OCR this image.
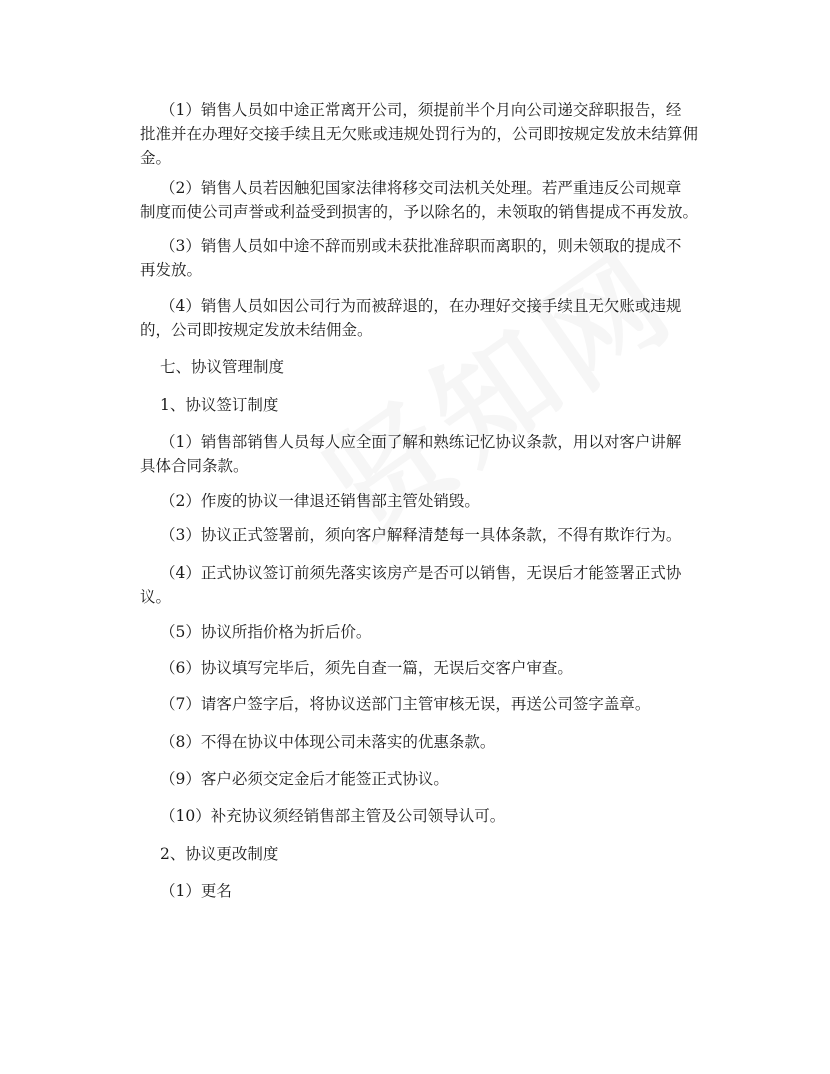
（1）销售人员如中途正常离开公司，须提前半个月向公司递交辞职报告，经
批准并在办理好交接手续且无欠账或违规处罚行为的，公司即按规定发放未结算佣
金。
（2）销售人员若因触犯国家法律将移交司法机关处理。若严重违反公司规章
制度而使公司声誉或利益受到损害的，予以除名的，未领取的销售提成不再发放。
（3）销售人员如中途不辞而别或未获批准辞职而离职的，则未领取的提成不
再发放。
（4）销售人员如因公司行为而被辞退的，在办理好交接手续且无欠账或违规
的，公司即按规定发放未结佣金。
七、协议管理制度
1、协议签订制度
（1）销售部销售人员每人应全面了解和熟练记忆协议条款，用以对客户讲解
具体合同条款。
（2）作废的协议一律退还销售部主管处销毁。
（3）协议正式签署前，须向客户解释清楚每一具体条款，不得有欺诈行为。
（4）正式协议签订前须先落实该房产是否可以销售，无误后才能签署正式协
议。
（5）协议所指价格为折后价。
（6）协议填写完毕后，须先自查一篇，无误后交客户审查。
（7）请客户签字后，将协议送部门主管审核无误，再送公司签字盖章。
（8）不得在协议中体现公司未落实的优惠条款。
（9）客户必须交定金后才能签正式协议。
（10）补充协议须经销售部主管及公司领导认可。
2、协议更改制度
（1）更名
